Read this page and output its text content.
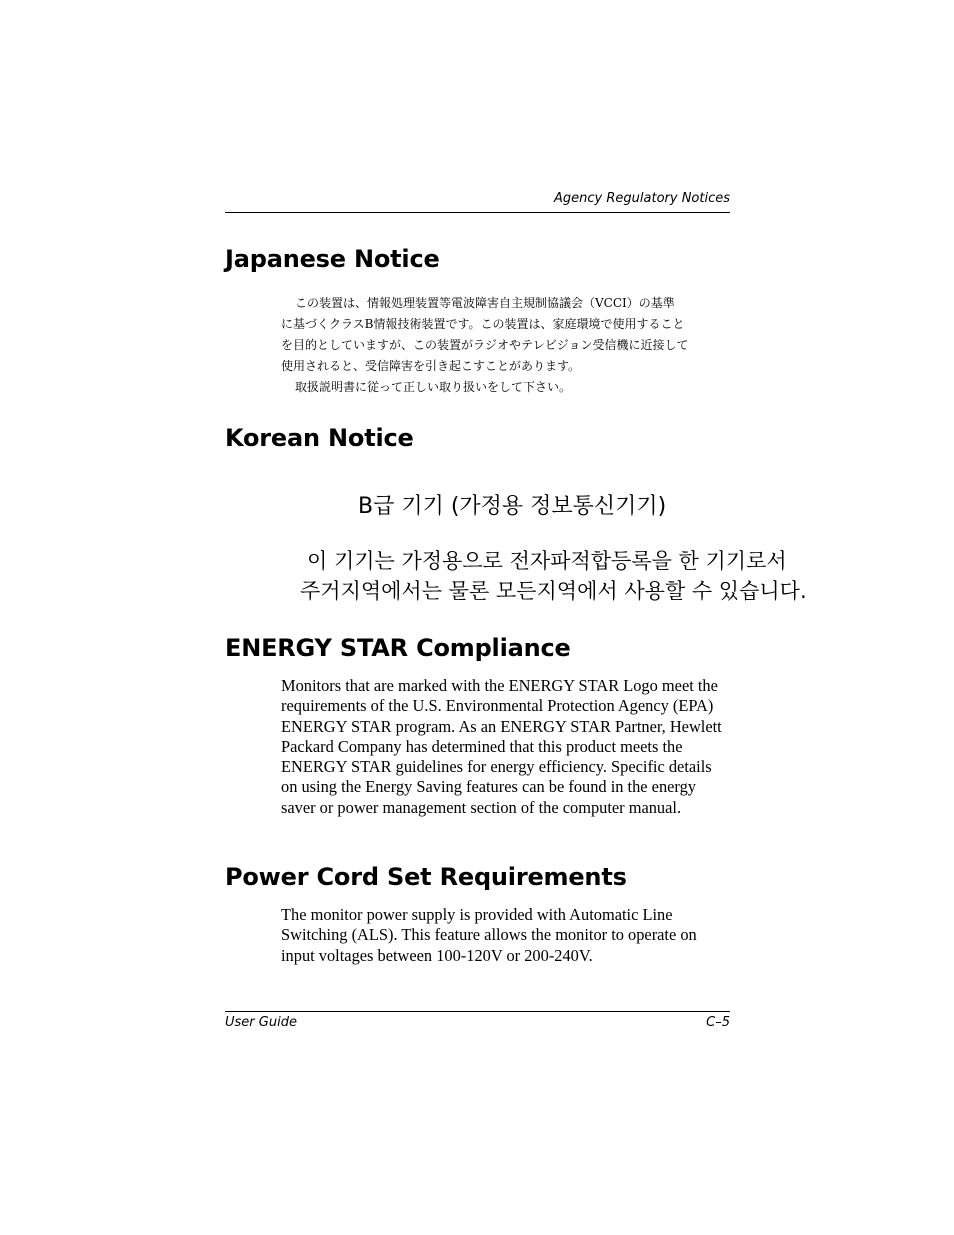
Agency Regulatory Notices
Japanese Notice
この装置は、情報処理装置等電波障害自主規制協議会（VCCI）の基準
に基づくクラスB情報技術装置です。この装置は、家庭環境で使用すること
を目的としていますが、この装置がラジオやテレビジョン受信機に近接して
使用されると、受信障害を引き起こすことがあります。
取扱説明書に従って正しい取り扱いをして下さい。
Korean Notice
B급 기기 (가정용 정보통신기기)
이 기기는 가정용으로 전자파적합등록을 한 기기로서
주거지역에서는 물론 모든지역에서 사용할 수 있습니다.
ENERGY STAR Compliance

Monitors that are marked with the ENERGY STAR Logo meet the requirements of the U.S. Environmental Protection Agency (EPA) ENERGY STAR program. As an ENERGY STAR Partner, Hewlett Packard Company has determined that this product meets the ENERGY STAR guidelines for energy efficiency. Specific details on using the Energy Saving features can be found in the energy saver or power management section of the computer manual.

Power Cord Set Requirements

The monitor power supply is provided with Automatic Line Switching (ALS). This feature allows the monitor to operate on input voltages between 100-120V or 200-240V.

User Guide	C–5
